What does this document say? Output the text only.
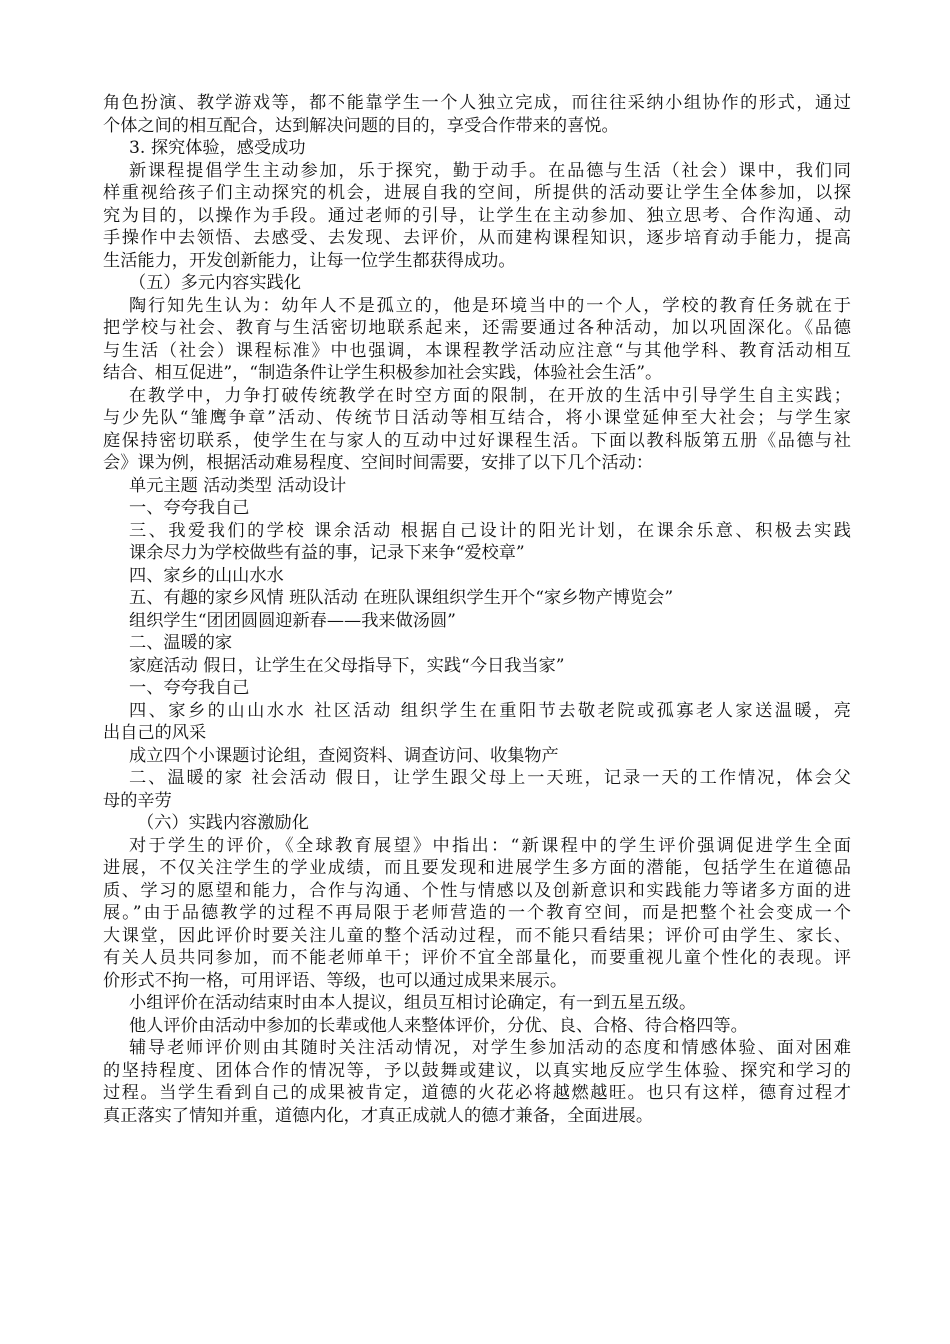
角色扮演、教学游戏等，都不能靠学生一个人独立完成，而往往采纳小组协作的形式，通过
个体之间的相互配合，达到解决问题的目的，享受合作带来的喜悦。
3. 探究体验，感受成功
新课程提倡学生主动参加，乐于探究，勤于动手。在品德与生活（社会）课中，我们同
样重视给孩子们主动探究的机会，进展自我的空间，所提供的活动要让学生全体参加，以探
究为目的，以操作为手段。通过老师的引导，让学生在主动参加、独立思考、合作沟通、动
手操作中去领悟、去感受、去发现、去评价，从而建构课程知识，逐步培育动手能力，提高
生活能力，开发创新能力，让每一位学生都获得成功。
（五）多元内容实践化
陶行知先生认为：幼年人不是孤立的，他是环境当中的一个人，学校的教育任务就在于
把学校与社会、教育与生活密切地联系起来，还需要通过各种活动，加以巩固深化。《品德
与生活（社会）课程标准》中也强调，本课程教学活动应注意“与其他学科、教育活动相互
结合、相互促进”，“制造条件让学生积极参加社会实践，体验社会生活”。
在教学中，力争打破传统教学在时空方面的限制，在开放的生活中引导学生自主实践；
与少先队“雏鹰争章”活动、传统节日活动等相互结合，将小课堂延伸至大社会；与学生家
庭保持密切联系，使学生在与家人的互动中过好课程生活。下面以教科版第五册《品德与社
会》课为例，根据活动难易程度、空间时间需要，安排了以下几个活动：
单元主题 活动类型 活动设计
一、夸夸我自己
三、我爱我们的学校 课余活动 根据自己设计的阳光计划，在课余乐意、积极去实践
课余尽力为学校做些有益的事，记录下来争“爱校章”
四、家乡的山山水水
五、有趣的家乡风情 班队活动 在班队课组织学生开个“家乡物产博览会”
组织学生“团团圆圆迎新春——我来做汤圆”
二、温暖的家
家庭活动 假日，让学生在父母指导下，实践“今日我当家”
一、夸夸我自己
四、家乡的山山水水 社区活动 组织学生在重阳节去敬老院或孤寡老人家送温暖，亮
出自己的风采
成立四个小课题讨论组，查阅资料、调查访问、收集物产
二、温暖的家 社会活动 假日，让学生跟父母上一天班，记录一天的工作情况，体会父
母的辛劳
（六）实践内容激励化
对于学生的评价，《全球教育展望》中指出：“新课程中的学生评价强调促进学生全面
进展，不仅关注学生的学业成绩，而且要发现和进展学生多方面的潜能，包括学生在道德品
质、学习的愿望和能力，合作与沟通、个性与情感以及创新意识和实践能力等诸多方面的进
展。”由于品德教学的过程不再局限于老师营造的一个教育空间，而是把整个社会变成一个
大课堂，因此评价时要关注儿童的整个活动过程，而不能只看结果；评价可由学生、家长、
有关人员共同参加，而不能老师单干；评价不宜全部量化，而要重视儿童个性化的表现。评
价形式不拘一格，可用评语、等级，也可以通过成果来展示。
小组评价在活动结束时由本人提议，组员互相讨论确定，有一到五星五级。
他人评价由活动中参加的长辈或他人来整体评价，分优、良、合格、待合格四等。
辅导老师评价则由其随时关注活动情况，对学生参加活动的态度和情感体验、面对困难
的坚持程度、团体合作的情况等，予以鼓舞或建议，以真实地反应学生体验、探究和学习的
过程。当学生看到自己的成果被肯定，道德的火花必将越燃越旺。也只有这样，德育过程才
真正落实了情知并重，道德内化，才真正成就人的德才兼备，全面进展。
